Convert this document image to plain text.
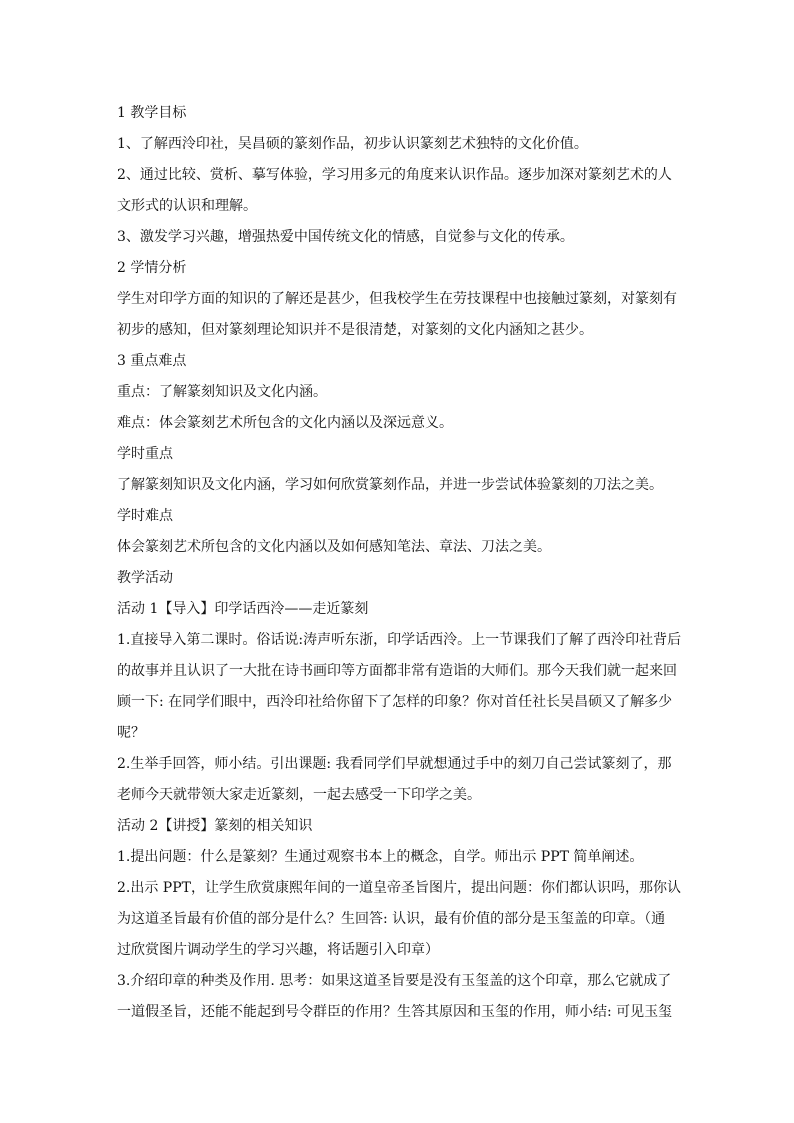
1 教学目标

1、了解西泠印社，吴昌硕的篆刻作品，初步认识篆刻艺术独特的文化价值。

2、通过比较、赏析、摹写体验，学习用多元的角度来认识作品。逐步加深对篆刻艺术的人

文形式的认识和理解。

3、激发学习兴趣，增强热爱中国传统文化的情感，自觉参与文化的传承。

2 学情分析

学生对印学方面的知识的了解还是甚少，但我校学生在劳技课程中也接触过篆刻，对篆刻有

初步的感知，但对篆刻理论知识并不是很清楚，对篆刻的文化内涵知之甚少。

3 重点难点

重点：了解篆刻知识及文化内涵。

难点：体会篆刻艺术所包含的文化内涵以及深远意义。

学时重点

了解篆刻知识及文化内涵，学习如何欣赏篆刻作品，并进一步尝试体验篆刻的刀法之美。

学时难点

体会篆刻艺术所包含的文化内涵以及如何感知笔法、章法、刀法之美。

教学活动

活动 1【导入】印学话西泠——走近篆刻

1.直接导入第二课时。俗话说:涛声听东浙，印学话西泠。上一节课我们了解了西泠印社背后

的故事并且认识了一大批在诗书画印等方面都非常有造诣的大师们。那今天我们就一起来回

顾一下: 在同学们眼中，西泠印社给你留下了怎样的印象？你对首任社长吴昌硕又了解多少

呢？

2.生举手回答，师小结。引出课题: 我看同学们早就想通过手中的刻刀自己尝试篆刻了，那

老师今天就带领大家走近篆刻，一起去感受一下印学之美。

活动 2【讲授】篆刻的相关知识

1.提出问题：什么是篆刻？生通过观察书本上的概念，自学。师出示 PPT 简单阐述。

2.出示 PPT，让学生欣赏康熙年间的一道皇帝圣旨图片，提出问题：你们都认识吗，那你认

为这道圣旨最有价值的部分是什么？生回答: 认识，最有价值的部分是玉玺盖的印章。（通

过欣赏图片调动学生的学习兴趣，将话题引入印章）

3.介绍印章的种类及作用. 思考：如果这道圣旨要是没有玉玺盖的这个印章，那么它就成了

一道假圣旨，还能不能起到号令群臣的作用？生答其原因和玉玺的作用，师小结: 可见玉玺
